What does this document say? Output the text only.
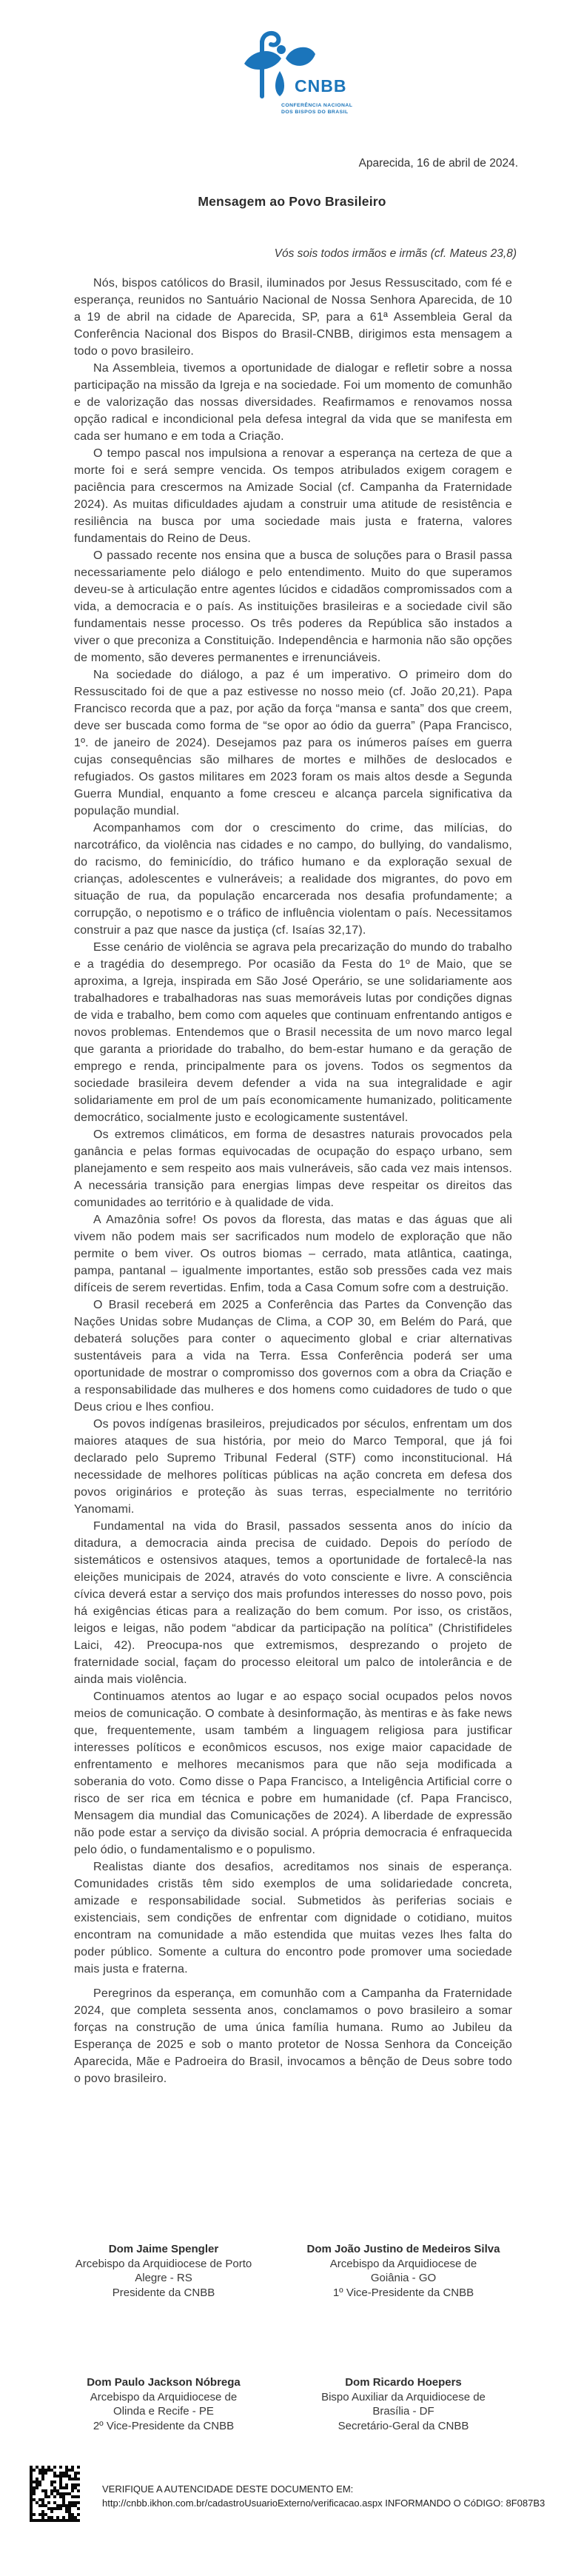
CNBB
CONFERÊNCIA NACIONAL
DOS BISPOS DO BRASIL
Aparecida, 16 de abril de 2024.
Mensagem ao Povo Brasileiro
Vós sois todos irmãos e irmãs (cf. Mateus 23,8)

Nós, bispos católicos do Brasil, iluminados por Jesus Ressuscitado, com fé e esperança, reunidos no Santuário Nacional de Nossa Senhora Aparecida, de 10 a 19 de abril na cidade de Aparecida, SP, para a 61ª Assembleia Geral da Conferência Nacional dos Bispos do Brasil-CNBB, dirigimos esta mensagem a todo o povo brasileiro.

Na Assembleia, tivemos a oportunidade de dialogar e refletir sobre a nossa participação na missão da Igreja e na sociedade. Foi um momento de comunhão e de valorização das nossas diversidades. Reafirmamos e renovamos nossa opção radical e incondicional pela defesa integral da vida que se manifesta em cada ser humano e em toda a Criação.

O tempo pascal nos impulsiona a renovar a esperança na certeza de que a morte foi e será sempre vencida. Os tempos atribulados exigem coragem e paciência para crescermos na Amizade Social (cf. Campanha da Fraternidade 2024). As muitas dificuldades ajudam a construir uma atitude de resistência e resiliência na busca por uma sociedade mais justa e fraterna, valores fundamentais do Reino de Deus.

O passado recente nos ensina que a busca de soluções para o Brasil passa necessariamente pelo diálogo e pelo entendimento. Muito do que superamos deveu-se à articulação entre agentes lúcidos e cidadãos compromissados com a vida, a democracia e o país. As instituições brasileiras e a sociedade civil são fundamentais nesse processo. Os três poderes da República são instados a viver o que preconiza a Constituição. Independência e harmonia não são opções de momento, são deveres permanentes e irrenunciáveis.

Na sociedade do diálogo, a paz é um imperativo. O primeiro dom do Ressuscitado foi de que a paz estivesse no nosso meio (cf. João 20,21). Papa Francisco recorda que a paz, por ação da força “mansa e santa” dos que creem, deve ser buscada como forma de “se opor ao ódio da guerra” (Papa Francisco, 1º. de janeiro de 2024). Desejamos paz para os inúmeros países em guerra cujas consequências são milhares de mortes e milhões de deslocados e refugiados. Os gastos militares em 2023 foram os mais altos desde a Segunda Guerra Mundial, enquanto a fome cresceu e alcança parcela significativa da população mundial.

Acompanhamos com dor o crescimento do crime, das milícias, do narcotráfico, da violência nas cidades e no campo, do bullying, do vandalismo, do racismo, do feminicídio, do tráfico humano e da exploração sexual de crianças, adolescentes e vulneráveis; a realidade dos migrantes, do povo em situação de rua, da população encarcerada nos desafia profundamente; a corrupção, o nepotismo e o tráfico de influência violentam o país. Necessitamos construir a paz que nasce da justiça (cf. Isaías 32,17).

Esse cenário de violência se agrava pela precarização do mundo do trabalho e a tragédia do desemprego. Por ocasião da Festa do 1º de Maio, que se aproxima, a Igreja, inspirada em São José Operário, se une solidariamente aos trabalhadores e trabalhadoras nas suas memoráveis lutas por condições dignas de vida e trabalho, bem como com aqueles que continuam enfrentando antigos e novos problemas. Entendemos que o Brasil necessita de um novo marco legal que garanta a prioridade do trabalho, do bem-estar humano e da geração de emprego e renda, principalmente para os jovens. Todos os segmentos da sociedade brasileira devem defender a vida na sua integralidade e agir solidariamente em prol de um país economicamente humanizado, politicamente democrático, socialmente justo e ecologicamente sustentável.

Os extremos climáticos, em forma de desastres naturais provocados pela ganância e pelas formas equivocadas de ocupação do espaço urbano, sem planejamento e sem respeito aos mais vulneráveis, são cada vez mais intensos. A necessária transição para energias limpas deve respeitar os direitos das comunidades ao território e à qualidade de vida.

A Amazônia sofre! Os povos da floresta, das matas e das águas que ali vivem não podem mais ser sacrificados num modelo de exploração que não permite o bem viver. Os outros biomas – cerrado, mata atlântica, caatinga, pampa, pantanal – igualmente importantes, estão sob pressões cada vez mais difíceis de serem revertidas. Enfim, toda a Casa Comum sofre com a destruição.

O Brasil receberá em 2025 a Conferência das Partes da Convenção das Nações Unidas sobre Mudanças de Clima, a COP 30, em Belém do Pará, que debaterá soluções para conter o aquecimento global e criar alternativas sustentáveis para a vida na Terra. Essa Conferência poderá ser uma oportunidade de mostrar o compromisso dos governos com a obra da Criação e a responsabilidade das mulheres e dos homens como cuidadores de tudo o que Deus criou e lhes confiou.

Os povos indígenas brasileiros, prejudicados por séculos, enfrentam um dos maiores ataques de sua história, por meio do Marco Temporal, que já foi declarado pelo Supremo Tribunal Federal (STF) como inconstitucional. Há necessidade de melhores políticas públicas na ação concreta em defesa dos povos originários e proteção às suas terras, especialmente no território Yanomami.

Fundamental na vida do Brasil, passados sessenta anos do início da ditadura, a democracia ainda precisa de cuidado. Depois do período de sistemáticos e ostensivos ataques, temos a oportunidade de fortalecê-la nas eleições municipais de 2024, através do voto consciente e livre. A consciência cívica deverá estar a serviço dos mais profundos interesses do nosso povo, pois há exigências éticas para a realização do bem comum. Por isso, os cristãos, leigos e leigas, não podem “abdicar da participação na política” (Christifideles Laici, 42). Preocupa-nos que extremismos, desprezando o projeto de fraternidade social, façam do processo eleitoral um palco de intolerância e de ainda mais violência.

Continuamos atentos ao lugar e ao espaço social ocupados pelos novos meios de comunicação. O combate à desinformação, às mentiras e às fake news que, frequentemente, usam também a linguagem religiosa para justificar interesses políticos e econômicos escusos, nos exige maior capacidade de enfrentamento e melhores mecanismos para que não seja modificada a soberania do voto. Como disse o Papa Francisco, a Inteligência Artificial corre o risco de ser rica em técnica e pobre em humanidade (cf. Papa Francisco, Mensagem dia mundial das Comunicações de 2024). A liberdade de expressão não pode estar a serviço da divisão social. A própria democracia é enfraquecida pelo ódio, o fundamentalismo e o populismo.

Realistas diante dos desafios, acreditamos nos sinais de esperança. Comunidades cristãs têm sido exemplos de uma solidariedade concreta, amizade e responsabilidade social. Submetidos às periferias sociais e existenciais, sem condições de enfrentar com dignidade o cotidiano, muitos encontram na comunidade a mão estendida que muitas vezes lhes falta do poder público. Somente a cultura do encontro pode promover uma sociedade mais justa e fraterna.

Peregrinos da esperança, em comunhão com a Campanha da Fraternidade 2024, que completa sessenta anos, conclamamos o povo brasileiro a somar forças na construção de uma única família humana. Rumo ao Jubileu da Esperança de 2025 e sob o manto protetor de Nossa Senhora da Conceição Aparecida, Mãe e Padroeira do Brasil, invocamos a bênção de Deus sobre todo o povo brasileiro.

Dom Jaime Spengler
Arcebispo da Arquidiocese de Porto
Alegre - RS
Presidente da CNBB
Dom João Justino de Medeiros Silva
Arcebispo da Arquidiocese de
Goiânia - GO
1º Vice-Presidente da CNBB
Dom Paulo Jackson Nóbrega
Arcebispo da Arquidiocese de
Olinda e Recife - PE
2º Vice-Presidente da CNBB
Dom Ricardo Hoepers
Bispo Auxiliar da Arquidiocese de
Brasília - DF
Secretário-Geral da CNBB
VERIFIQUE A AUTENCIDADE DESTE DOCUMENTO EM:
http://cnbb.ikhon.com.br/cadastroUsuarioExterno/verificacao.aspx INFORMANDO O CóDIGO: 8F087B3
